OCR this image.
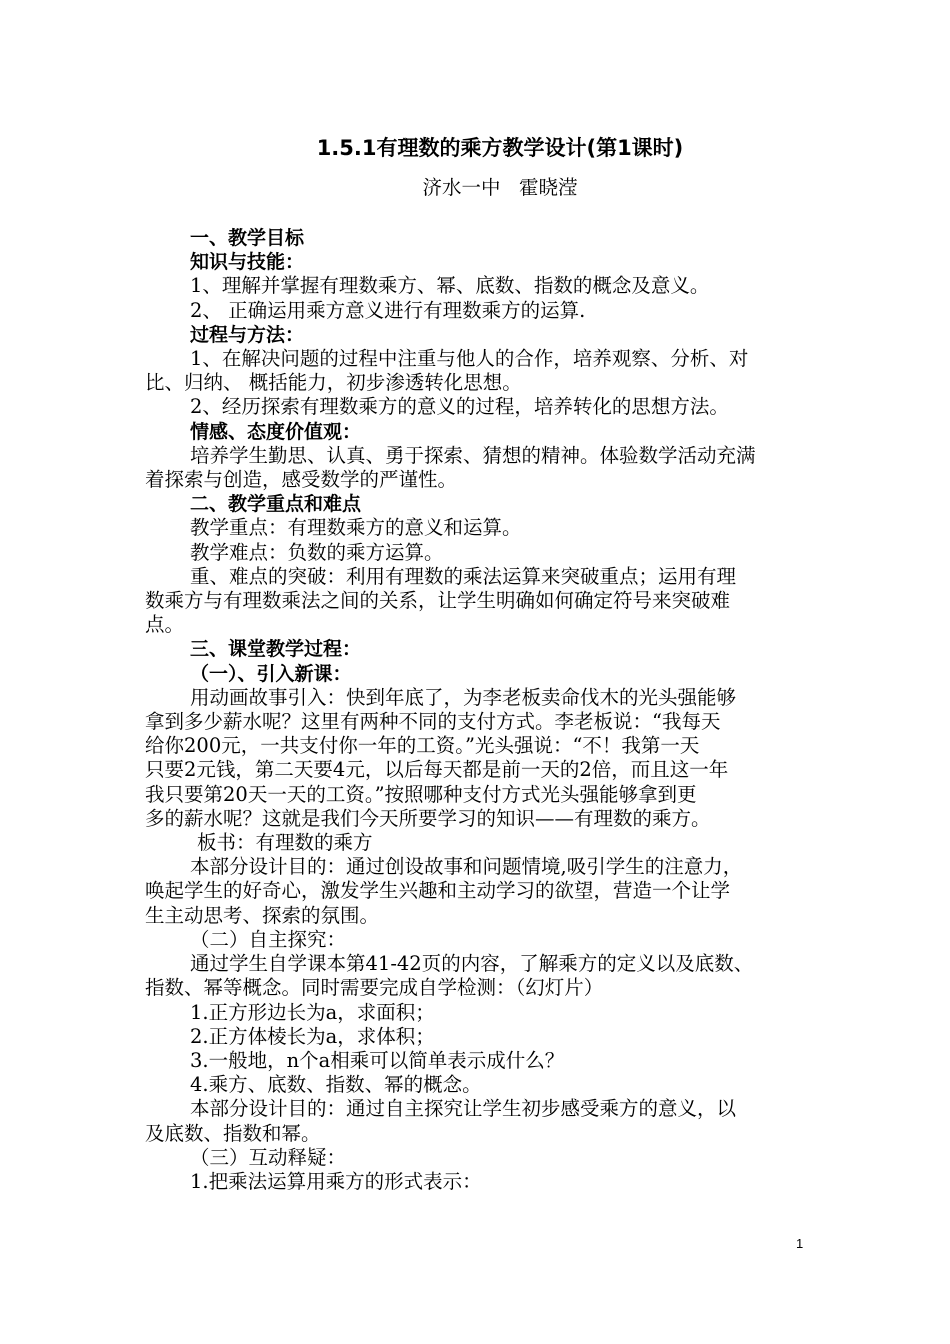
1.5.1有理数的乘方教学设计(第1课时)
济水一中   霍晓滢

一、教学目标

知识与技能：

1、理解并掌握有理数乘方、幂、底数、指数的概念及意义。

2、 正确运用乘方意义进行有理数乘方的运算.

过程与方法：

1、在解决问题的过程中注重与他人的合作，培养观察、分析、对

比、归纳、 概括能力，初步渗透转化思想。

2、经历探索有理数乘方的意义的过程，培养转化的思想方法。

情感、态度价值观：

培养学生勤思、认真、勇于探索、猜想的精神。体验数学活动充满

着探索与创造，感受数学的严谨性。

二、教学重点和难点

教学重点：有理数乘方的意义和运算。

教学难点：负数的乘方运算。

重、难点的突破：利用有理数的乘法运算来突破重点；运用有理

数乘方与有理数乘法之间的关系，让学生明确如何确定符号来突破难

点。

三、课堂教学过程：

（一）、引入新课：

用动画故事引入：快到年底了，为李老板卖命伐木的光头强能够

拿到多少薪水呢？这里有两种不同的支付方式。李老板说：“我每天

给你200元，一共支付你一年的工资。”光头强说：“不！我第一天

只要2元钱，第二天要4元，以后每天都是前一天的2倍，而且这一年

我只要第20天一天的工资。”按照哪种支付方式光头强能够拿到更

多的薪水呢？这就是我们今天所要学习的知识——有理数的乘方。

板书：有理数的乘方

本部分设计目的：通过创设故事和问题情境,吸引学生的注意力，

唤起学生的好奇心，激发学生兴趣和主动学习的欲望，营造一个让学

生主动思考、探索的氛围。

（二）自主探究：

通过学生自学课本第41-42页的内容，了解乘方的定义以及底数、

指数、幂等概念。同时需要完成自学检测：（幻灯片）

1.正方形边长为a，求面积；

2.正方体棱长为a，求体积；

3.一般地，n个a相乘可以简单表示成什么？

4.乘方、底数、指数、幂的概念。

本部分设计目的：通过自主探究让学生初步感受乘方的意义，以

及底数、指数和幂。

（三）互动释疑：

1.把乘法运算用乘方的形式表示：

1
